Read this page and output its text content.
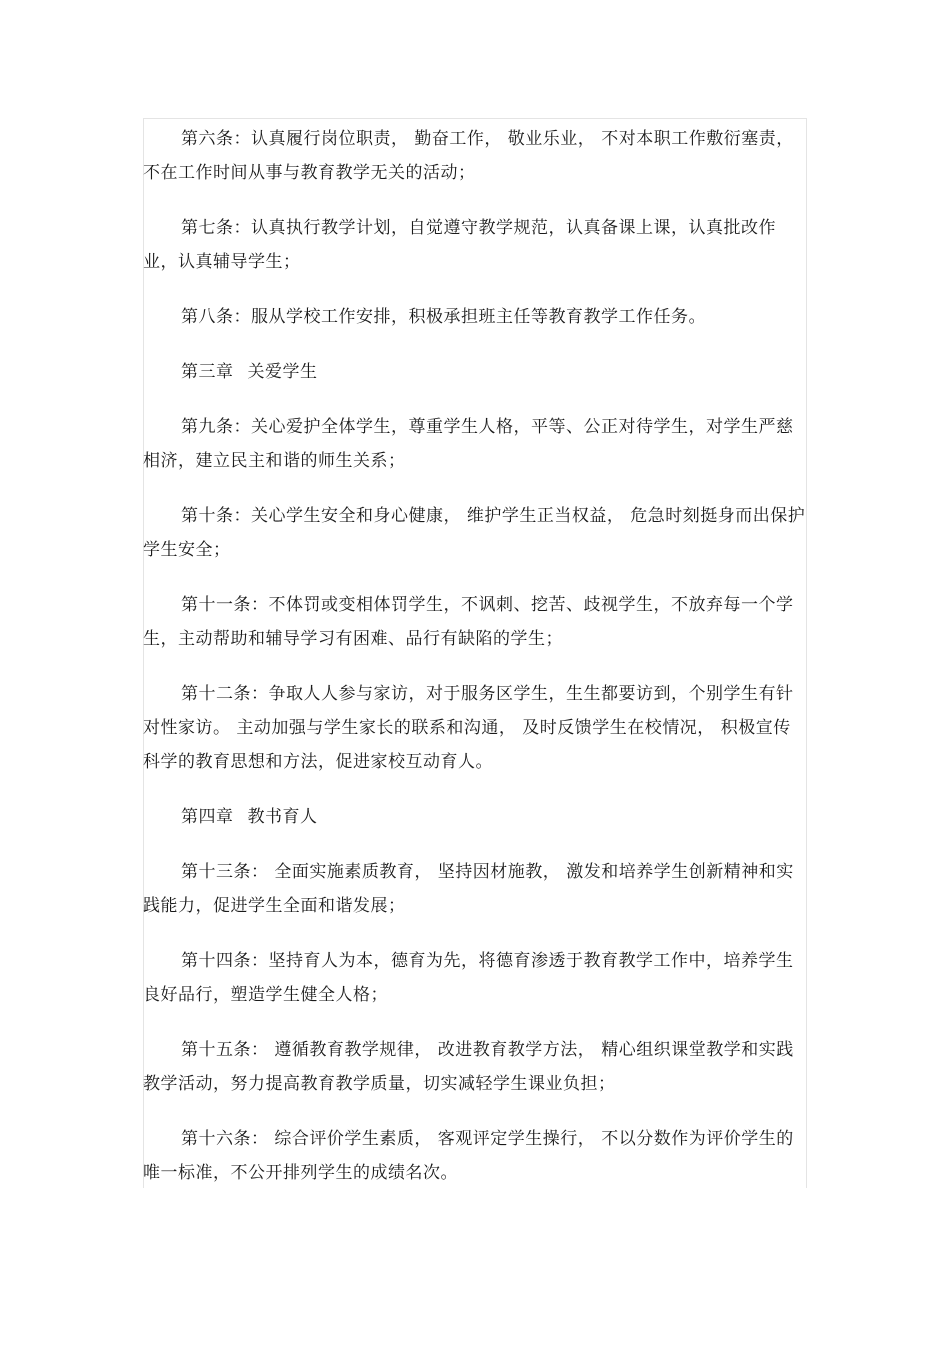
第六条：认真履行岗位职责， 勤奋工作， 敬业乐业， 不对本职工作敷衍塞责，不在工作时间从事与教育教学无关的活动；

第七条：认真执行教学计划，自觉遵守教学规范，认真备课上课，认真批改作业，认真辅导学生；

第八条：服从学校工作安排，积极承担班主任等教育教学工作任务。

第三章 关爱学生

第九条：关心爱护全体学生，尊重学生人格，平等、公正对待学生，对学生严慈相济，建立民主和谐的师生关系；

第十条：关心学生安全和身心健康， 维护学生正当权益， 危急时刻挺身而出保护学生安全；

第十一条：不体罚或变相体罚学生，不讽刺、挖苦、歧视学生，不放弃每一个学生，主动帮助和辅导学习有困难、品行有缺陷的学生；

第十二条：争取人人参与家访，对于服务区学生，生生都要访到，个别学生有针对性家访。 主动加强与学生家长的联系和沟通， 及时反馈学生在校情况， 积极宣传科学的教育思想和方法，促进家校互动育人。

第四章 教书育人

第十三条： 全面实施素质教育， 坚持因材施教， 激发和培养学生创新精神和实践能力，促进学生全面和谐发展；

第十四条：坚持育人为本，德育为先，将德育渗透于教育教学工作中，培养学生良好品行，塑造学生健全人格；

第十五条： 遵循教育教学规律， 改进教育教学方法， 精心组织课堂教学和实践教学活动，努力提高教育教学质量，切实减轻学生课业负担；

第十六条： 综合评价学生素质， 客观评定学生操行， 不以分数作为评价学生的唯一标准，不公开排列学生的成绩名次。
